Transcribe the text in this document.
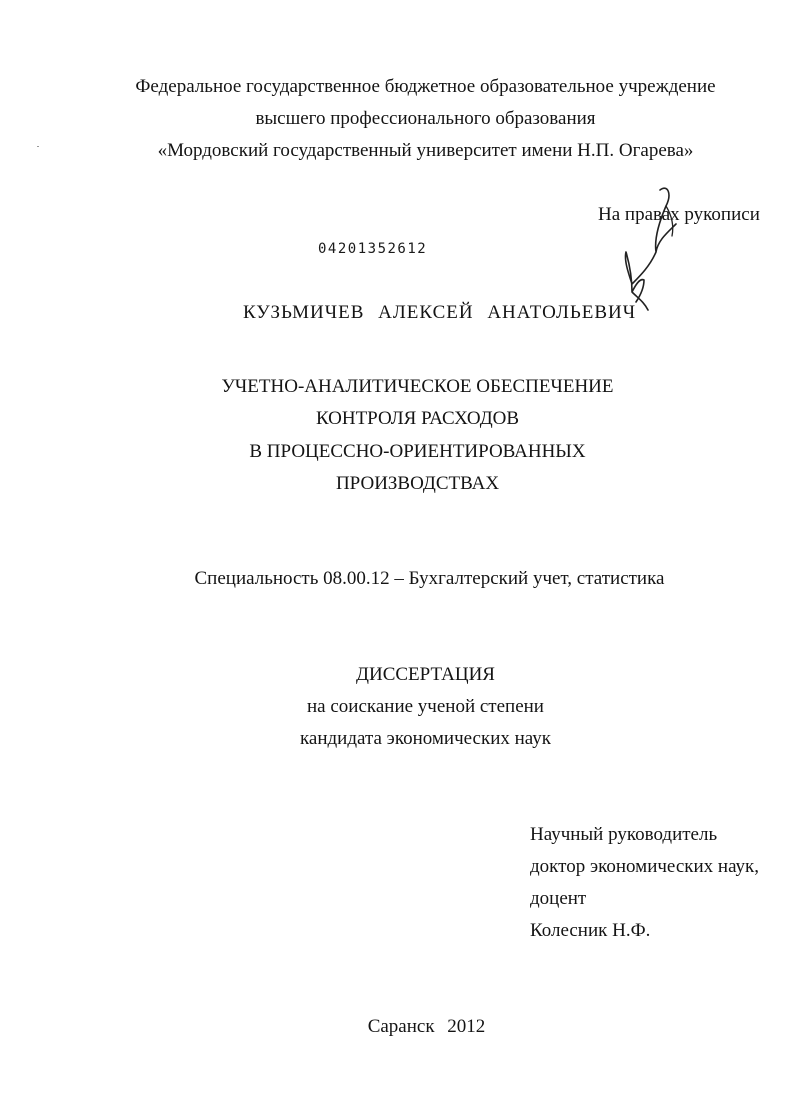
Федеральное государственное бюджетное образовательное учреждение
высшего профессионального образования
«Мордовский государственный университет имени Н.П. Огарева»
На правах рукописи
04201352612
КУЗЬМИЧЕВ АЛЕКСЕЙ АНАТОЛЬЕВИЧ
УЧЕТНО-АНАЛИТИЧЕСКОЕ ОБЕСПЕЧЕНИЕ
КОНТРОЛЯ РАСХОДОВ
В ПРОЦЕССНО-ОРИЕНТИРОВАННЫХ
ПРОИЗВОДСТВАХ
Специальность 08.00.12 – Бухгалтерский учет, статистика
ДИССЕРТАЦИЯ
на соискание ученой степени
кандидата экономических наук
Научный руководитель
доктор экономических наук,
доцент
Колесник Н.Ф.
Саранск 2012
